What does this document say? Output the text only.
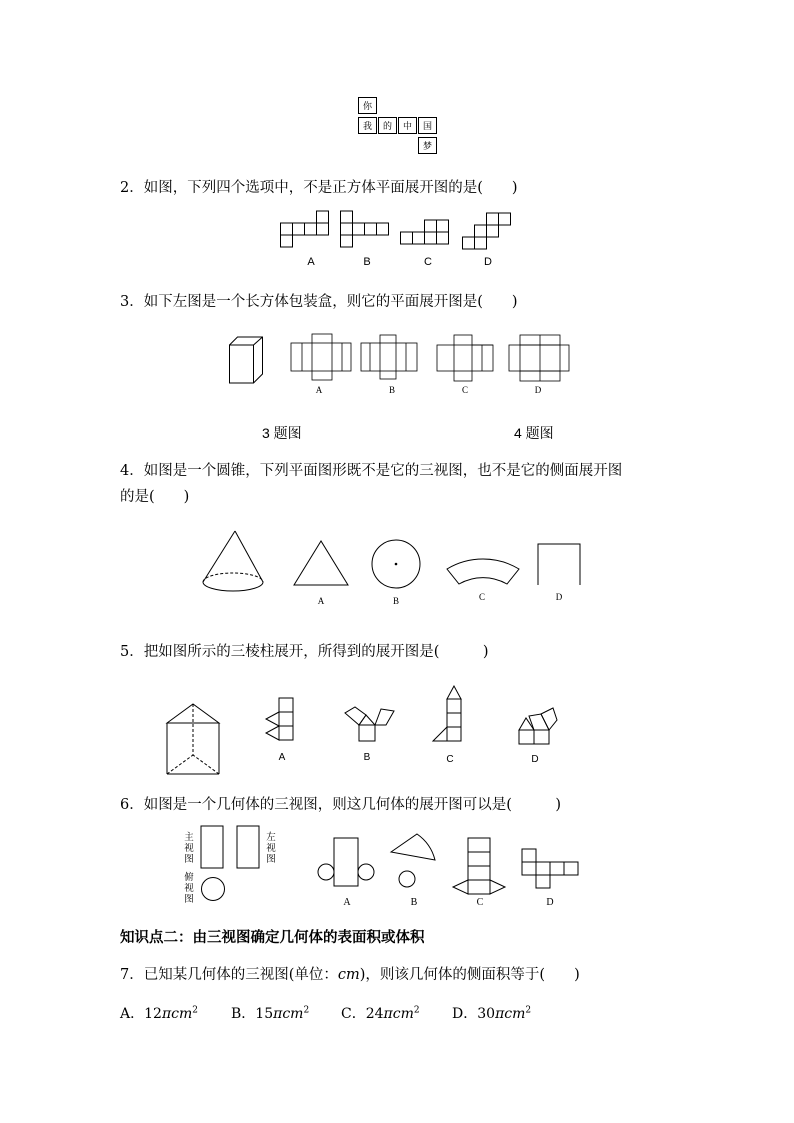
你
我	的	中	国
梦
2．如图，下列四个选项中，不是正方体平面展开图的是(　　)
A	B	C	D
3．如下左图是一个长方体包装盒，则它的平面展开图是(　　)
A	B	C	D
3 题图	4 题图
4．如图是一个圆锥，下列平面图形既不是它的三视图，也不是它的侧面展开图
的是(　　)
A	B	C	D
5．把如图所示的三棱柱展开，所得到的展开图是(　　　)
A	B	C	D
6．如图是一个几何体的三视图，则这几何体的展开图可以是(　　　)
主视图
左视图
俯视图	A	B	C	D
知识点二：由三视图确定几何体的表面积或体积
7．已知某几何体的三视图(单位：cm)，则该几何体的侧面积等于(　　)
A．12πcm$^2$ B．15πcm$^2$ C．24πcm$^2$ D．30πcm$^2$
